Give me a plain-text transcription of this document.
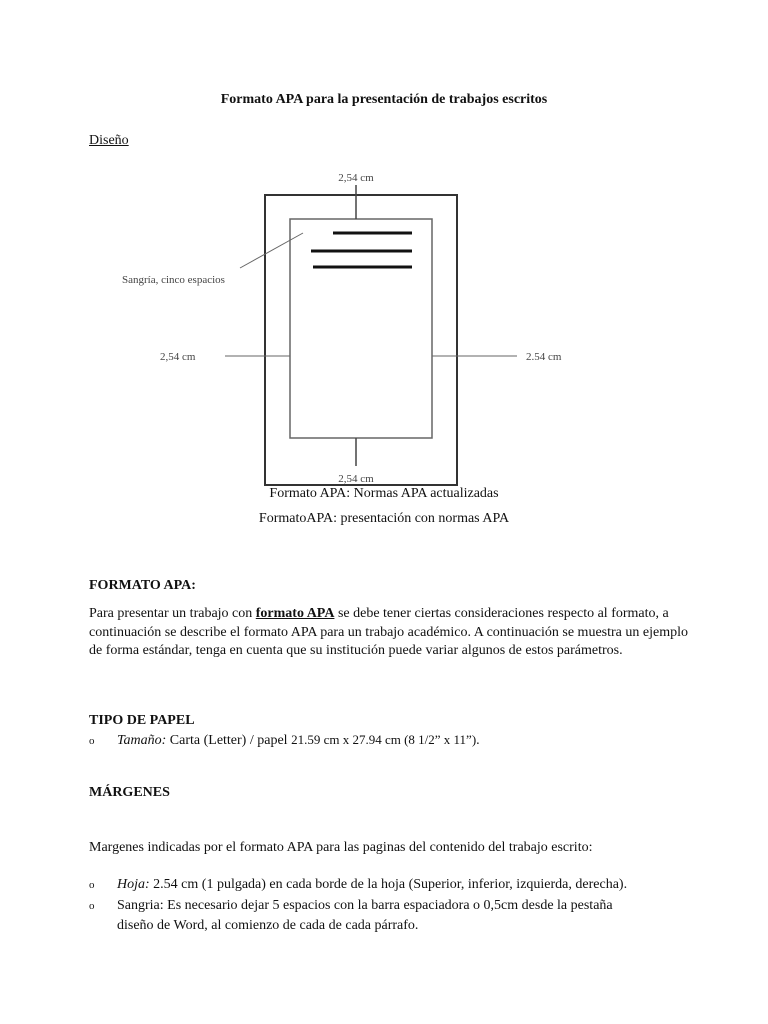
Formato APA para la presentación de trabajos escritos
Diseño
2,54 cm
Sangría, cinco espacios
2,54 cm	2.54 cm
2,54 cm
Formato APA: Normas APA actualizadas
FormatoAPA: presentación con normas APA
FORMATO APA:
Para presentar un trabajo con formato APA se debe tener ciertas consideraciones respecto al formato, a continuación se describe el formato APA para un trabajo académico. A continuación se muestra un ejemplo de forma estándar, tenga en cuenta que su institución puede variar algunos de estos parámetros.
TIPO DE PAPEL
o Tamaño: Carta (Letter) / papel 21.59 cm x 27.94 cm (8 1/2” x 11”).
MÁRGENES
Margenes indicadas por el formato APA para las paginas del contenido del trabajo escrito:
o Hoja: 2.54 cm (1 pulgada) en cada borde de la hoja (Superior, inferior, izquierda, derecha).
o Sangria: Es necesario dejar 5 espacios con la barra espaciadora o 0,5cm desde la pestaña
diseño de Word, al comienzo de cada de cada párrafo.
